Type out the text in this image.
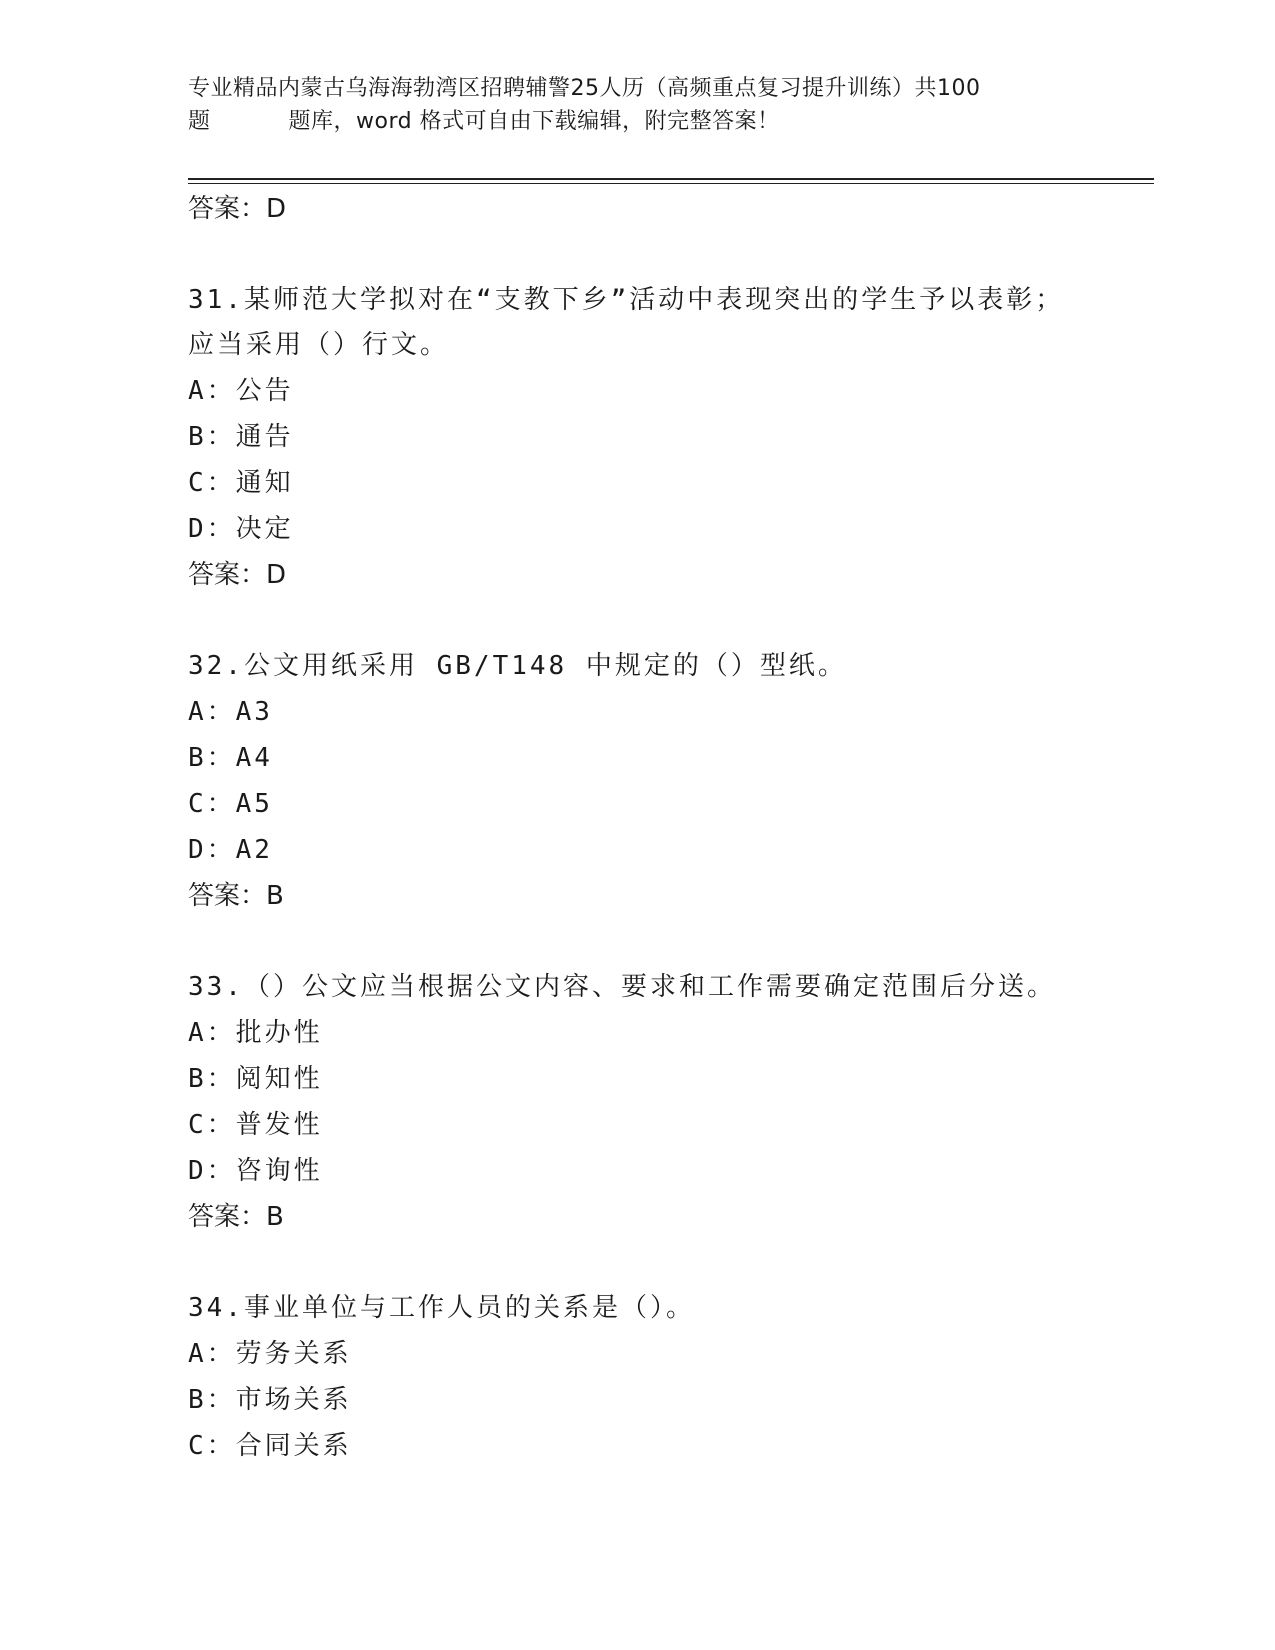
专业精品内蒙古乌海海勃湾区招聘辅警25人历（高频重点复习提升训练）共100
题	题库，word 格式可自由下载编辑，附完整答案！
答案：D
31.某师范大学拟对在“支教下乡”活动中表现突出的学生予以表彰；
应当采用（）行文。
A：公告
B：通告
C：通知
D：决定
答案：D
32.公文用纸采用 GB/T148 中规定的（）型纸。
A：A3
B：A4
C：A5
D：A2
答案：B
33.（）公文应当根据公文内容、要求和工作需要确定范围后分送。
A：批办性
B：阅知性
C：普发性
D：咨询性
答案：B
34.事业单位与工作人员的关系是（）。
A：劳务关系
B：市场关系
C：合同关系
